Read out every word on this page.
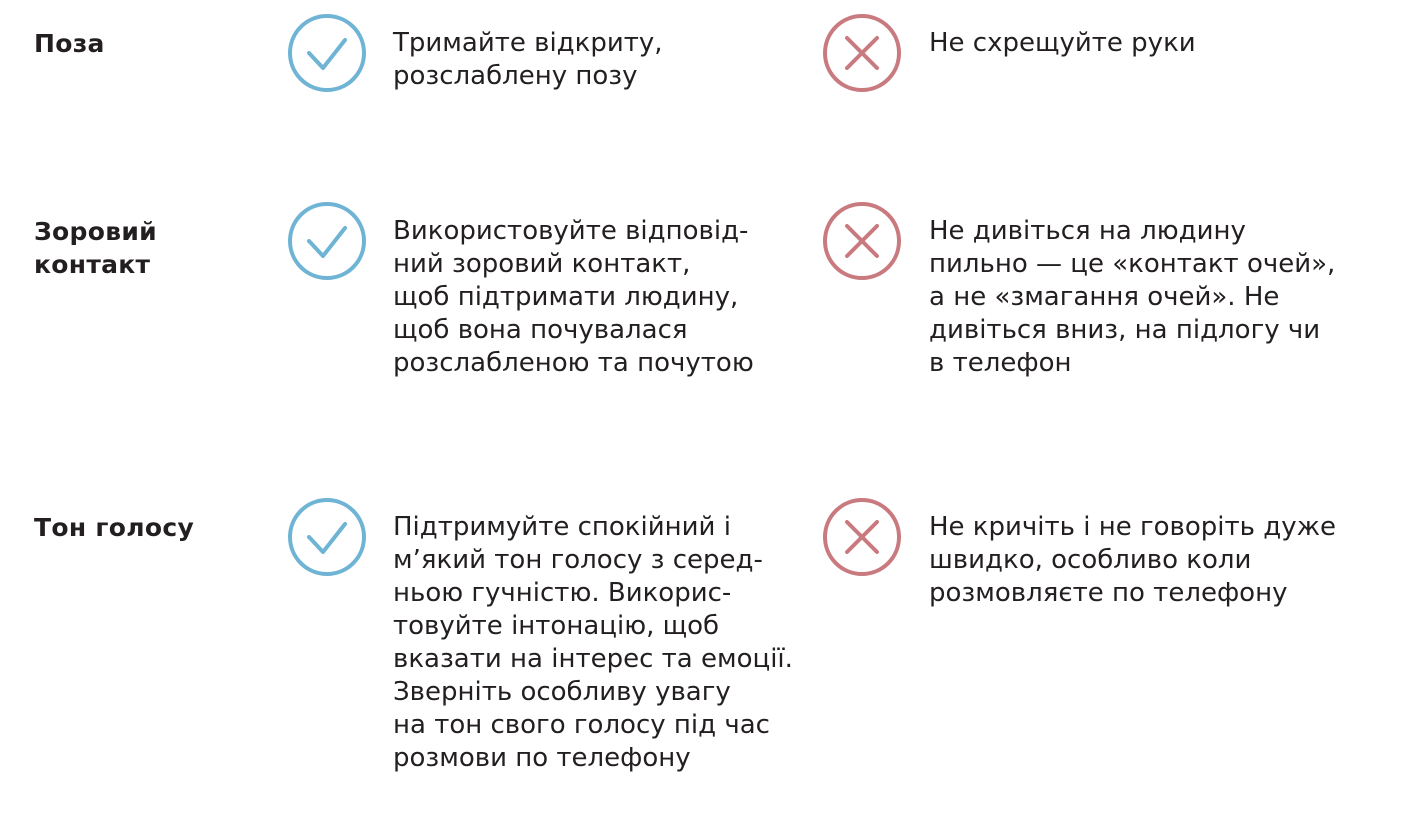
Поза	Тримайте відкриту,
розслаблену позу
Не схрещуйте руки
Зоровий
контакт
Використовуйте відповід-
ний зоровий контакт,
щоб підтримати людину,
щоб вона почувалася
розслабленою та почутою
Не дивіться на людину
пильно — це «контакт очей»,
а не «змагання очей». Не
дивіться вниз, на підлогу чи
в телефон
Тон голосу	Підтримуйте спокійний і
м’який тон голосу з серед-
ньою гучністю. Викорис-
товуйте інтонацію, щоб
вказати на інтерес та емоції.
Зверніть особливу увагу
на тон свого голосу під час
розмови по телефону
Не кричіть і не говоріть дуже
швидко, особливо коли
розмовляєте по телефону
